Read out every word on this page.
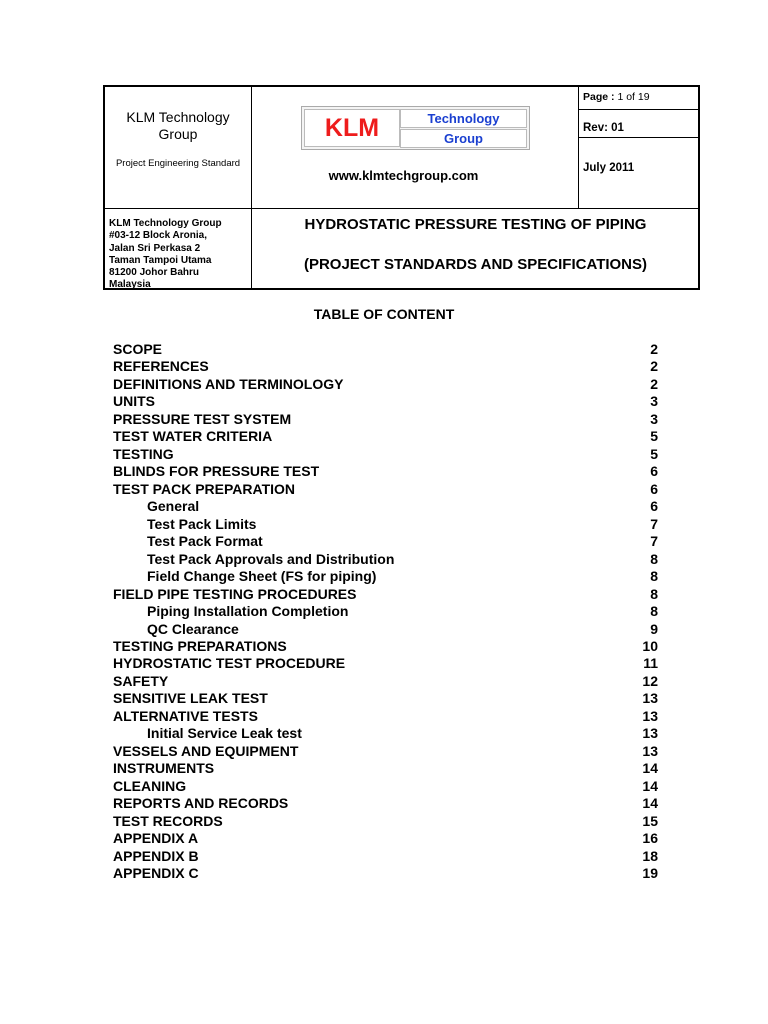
KLM Technology Group
Project Engineering Standard
KLM	Technology
Group
www.klmtechgroup.com
Page : 1 of 19
Rev: 01
July 2011
KLM Technology Group
#03-12 Block Aronia,
Jalan Sri Perkasa 2
Taman Tampoi Utama
81200 Johor Bahru
Malaysia
HYDROSTATIC PRESSURE TESTING OF PIPING
(PROJECT STANDARDS AND SPECIFICATIONS)
TABLE OF CONTENT
SCOPE	2
REFERENCES	2
DEFINITIONS AND TERMINOLOGY	2
UNITS	3
PRESSURE TEST SYSTEM	3
TEST WATER CRITERIA	5
TESTING	5
BLINDS FOR PRESSURE TEST	6
TEST PACK PREPARATION	6
General	6
Test Pack Limits	7
Test Pack Format	7
Test Pack Approvals and Distribution	8
Field Change Sheet (FS for piping)	8
FIELD PIPE TESTING PROCEDURES	8
Piping Installation Completion	8
QC Clearance	9
TESTING PREPARATIONS	10
HYDROSTATIC TEST PROCEDURE	11
SAFETY	12
SENSITIVE LEAK TEST	13
ALTERNATIVE TESTS	13
Initial Service Leak test	13
VESSELS AND EQUIPMENT	13
INSTRUMENTS	14
CLEANING	14
REPORTS AND RECORDS	14
TEST RECORDS	15
APPENDIX A	16
APPENDIX B	18
APPENDIX C	19
